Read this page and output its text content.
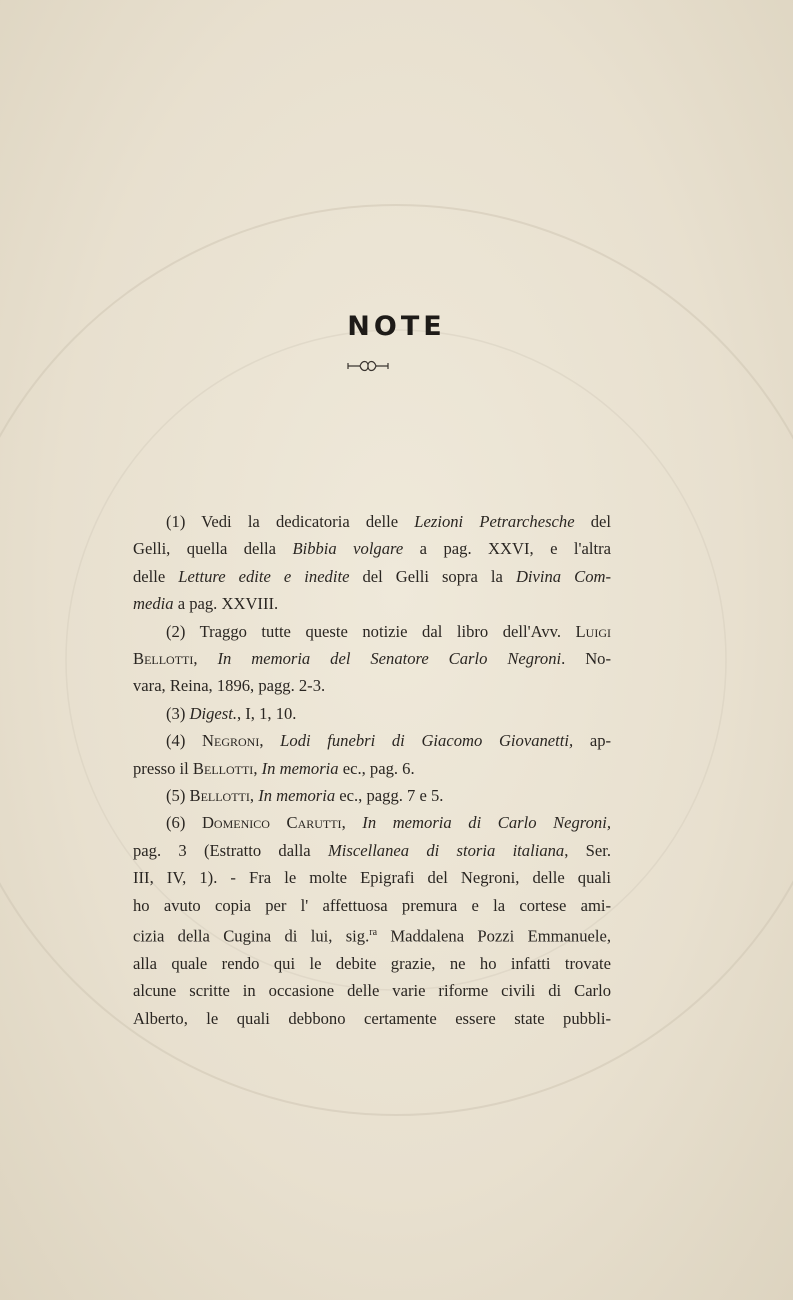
NOTE
(1) Vedi la dedicatoria delle Lezioni Petrarchesche del
Gelli, quella della Bibbia volgare a pag. XXVI, e l'altra
delle Letture edite e inedite del Gelli sopra la Divina Com-
media a pag. XXVIII.
(2) Traggo tutte queste notizie dal libro dell'Avv. Luigi
Bellotti, In memoria del Senatore Carlo Negroni. No-
vara, Reina, 1896, pagg. 2-3.
(3) Digest., I, 1, 10.
(4) Negroni, Lodi funebri di Giacomo Giovanetti, ap-
presso il Bellotti, In memoria ec., pag. 6.
(5) Bellotti, In memoria ec., pagg. 7 e 5.
(6) Domenico Carutti, In memoria di Carlo Negroni,
pag. 3 (Estratto dalla Miscellanea di storia italiana, Ser.
III, IV, 1). - Fra le molte Epigrafi del Negroni, delle quali
ho avuto copia per l' affettuosa premura e la cortese ami-
cizia della Cugina di lui, sig.$^{ra}$ Maddalena Pozzi Emmanuele,
alla quale rendo qui le debite grazie, ne ho infatti trovate
alcune scritte in occasione delle varie riforme civili di Carlo
Alberto, le quali debbono certamente essere state pubbli-
